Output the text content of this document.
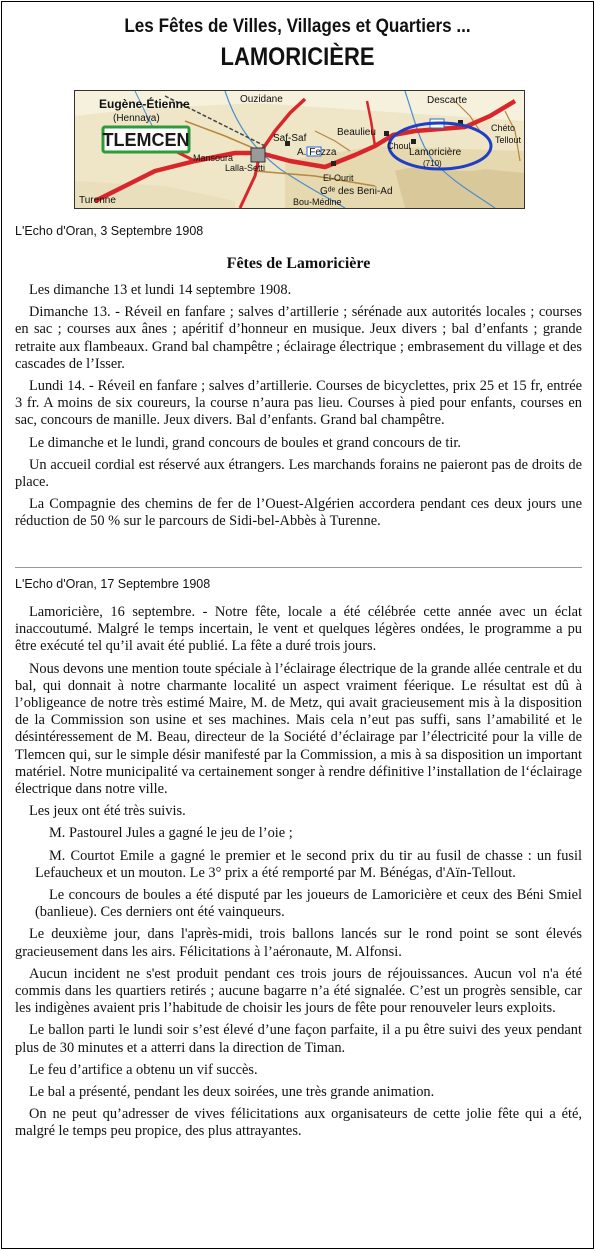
Les Fêtes de Villes, Villages et Quartiers ...
LAMORICIÈRE
TLEMCEN
Eugène-Étienne
(Hennaya)
Ouzidane
Saf-Saf
A. Fezza
Beaulieu
Descarte
Lamoricière
(710)
Gᵈᵉ des Beni-Ad
Bou-Médine
El-Ourit
Lalla-Setti
Turenne
Mansoura
Chéto
Tellout
Choul
L'Echo d'Oran, 3 Septembre 1908
Fêtes de Lamoricière

Les dimanche 13 et lundi 14 septembre 1908.

Dimanche 13. - Réveil en fanfare ; salves d’artillerie ; sérénade aux autorités locales ; courses en sac ; courses aux ânes ; apéritif d’honneur en musique. Jeux divers ; bal d’enfants ; grande retraite aux flambeaux. Grand bal champêtre ; éclairage électrique ; embrasement du village et des cascades de l’Isser.

Lundi 14. - Réveil en fanfare ; salves d’artillerie. Courses de bicyclettes, prix 25 et 15 fr, entrée 3 fr. A moins de six coureurs, la course n’aura pas lieu. Courses à pied pour enfants, courses en sac, concours de manille. Jeux divers. Bal d’enfants. Grand bal champêtre.

Le dimanche et le lundi, grand concours de boules et grand concours de tir.

Un accueil cordial est réservé aux étrangers. Les marchands forains ne paieront pas de droits de place.

La Compagnie des chemins de fer de l’Ouest-Algérien accordera pendant ces deux jours une réduction de 50 % sur le parcours de Sidi-bel-Abbès à Turenne.

L'Echo d'Oran, 17 Septembre 1908

Lamoricière, 16 septembre. - Notre fête, locale a été célébrée cette année avec un éclat inaccoutumé. Malgré le temps incertain, le vent et quelques légères ondées, le programme a pu être exécuté tel qu’il avait été publié. La fête a duré trois jours.

Nous devons une mention toute spéciale à l’éclairage électrique de la grande allée centrale et du bal, qui donnait à notre charmante localité un aspect vraiment féerique. Le résultat est dû à l’obligeance de notre très estimé Maire, M. de Metz, qui avait gracieusement mis à la disposition de la Commission son usine et ses machines. Mais cela n’eut pas suffi, sans l’amabilité et le désintéressement de M. Beau, directeur de la Société d’éclairage par l’électricité pour la ville de Tlemcen qui, sur le simple désir manifesté par la Commission, a mis à sa disposition un important matériel. Notre municipalité va certainement songer à rendre définitive l’installation de l‘éclairage électrique dans notre ville.

Les jeux ont été très suivis.

M. Pastourel Jules a gagné le jeu de l’oie ;

M. Courtot Emile a gagné le premier et le second prix du tir au fusil de chasse : un fusil Lefaucheux et un mouton. Le 3° prix a été remporté par M. Bénégas, d'Aïn-Tellout.

Le concours de boules a été disputé par les joueurs de Lamoricière et ceux des Béni Smiel (banlieue). Ces derniers ont été vainqueurs.

Le deuxième jour, dans l'après-midi, trois ballons lancés sur le rond point se sont élevés gracieusement dans les airs. Félicitations à l’aéronaute, M. Alfonsi.

Aucun incident ne s'est produit pendant ces trois jours de réjouissances. Aucun vol n'a été commis dans les quartiers retirés ; aucune bagarre n’a été signalée. C’est un progrès sensible, car les indigènes avaient pris l’habitude de choisir les jours de fête pour renouveler leurs exploits.

Le ballon parti le lundi soir s’est élevé d’une façon parfaite, il a pu être suivi des yeux pendant plus de 30 minutes et a atterri dans la direction de Timan.

Le feu d’artifice a obtenu un vif succès.

Le bal a présenté, pendant les deux soirées, une très grande animation.

On ne peut qu’adresser de vives félicitations aux organisateurs de cette jolie fête qui a été, malgré le temps peu propice, des plus attrayantes.
